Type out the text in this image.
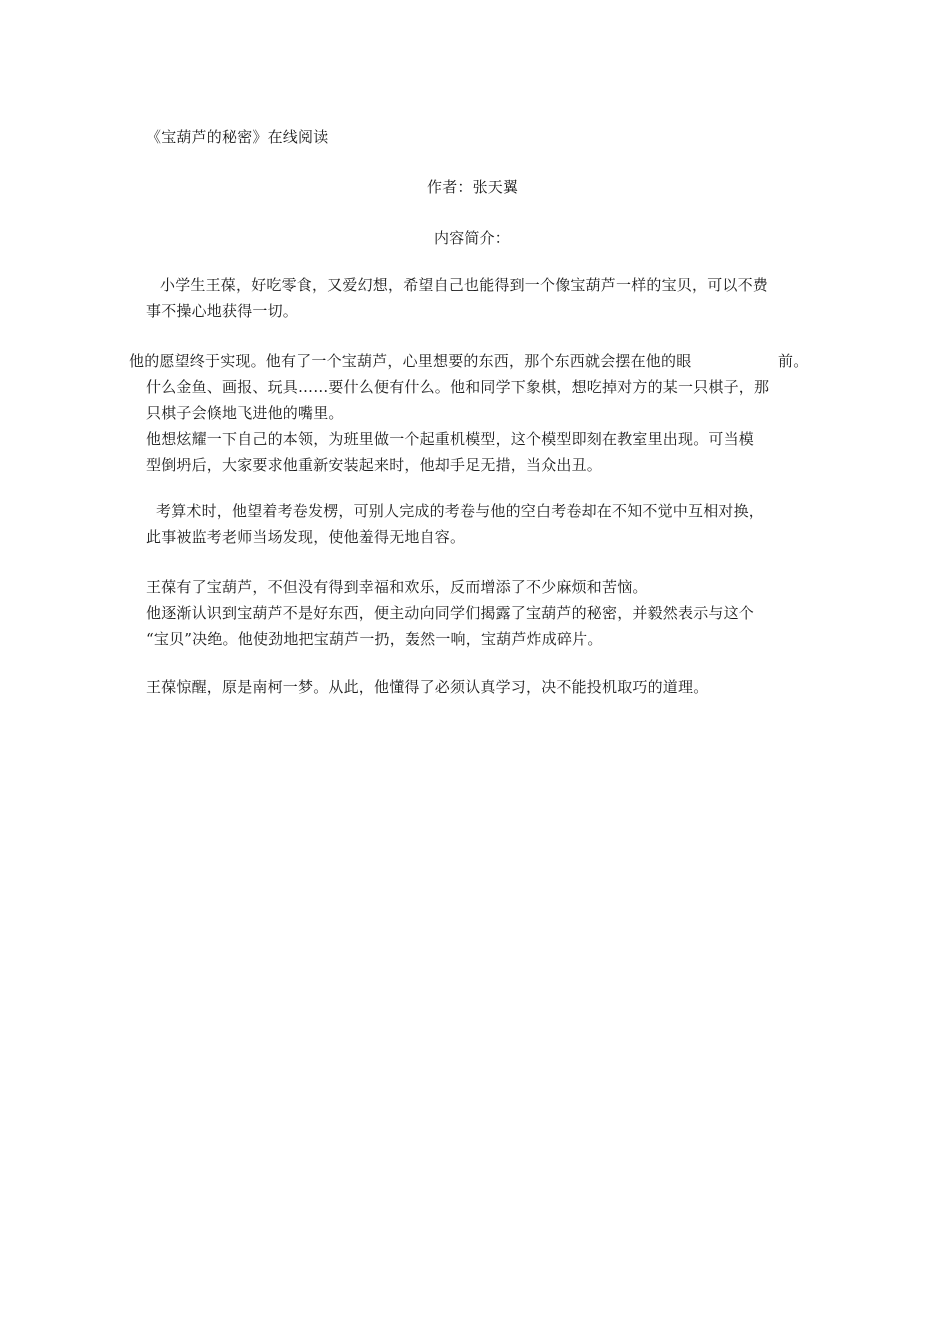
《宝葫芦的秘密》在线阅读
作者：张天翼
内容简介：
小学生王葆，好吃零食，又爱幻想，希望自己也能得到一个像宝葫芦一样的宝贝，可以不费
事不操心地获得一切。
他的愿望终于实现。他有了一个宝葫芦，心里想要的东西，那个东西就会摆在他的眼	前。
什么金鱼、画报、玩具……要什么便有什么。他和同学下象棋，想吃掉对方的某一只棋子，那
只棋子会倏地飞进他的嘴里。
他想炫耀一下自己的本领，为班里做一个起重机模型，这个模型即刻在教室里出现。可当模
型倒坍后，大家要求他重新安装起来时，他却手足无措，当众出丑。
考算术时，他望着考卷发楞，可别人完成的考卷与他的空白考卷却在不知不觉中互相对换，
此事被监考老师当场发现，使他羞得无地自容。
王葆有了宝葫芦，不但没有得到幸福和欢乐，反而增添了不少麻烦和苦恼。
他逐渐认识到宝葫芦不是好东西，便主动向同学们揭露了宝葫芦的秘密，并毅然表示与这个
“宝贝”决绝。他使劲地把宝葫芦一扔，轰然一响，宝葫芦炸成碎片。
王葆惊醒，原是南柯一梦。从此，他懂得了必须认真学习，决不能投机取巧的道理。
